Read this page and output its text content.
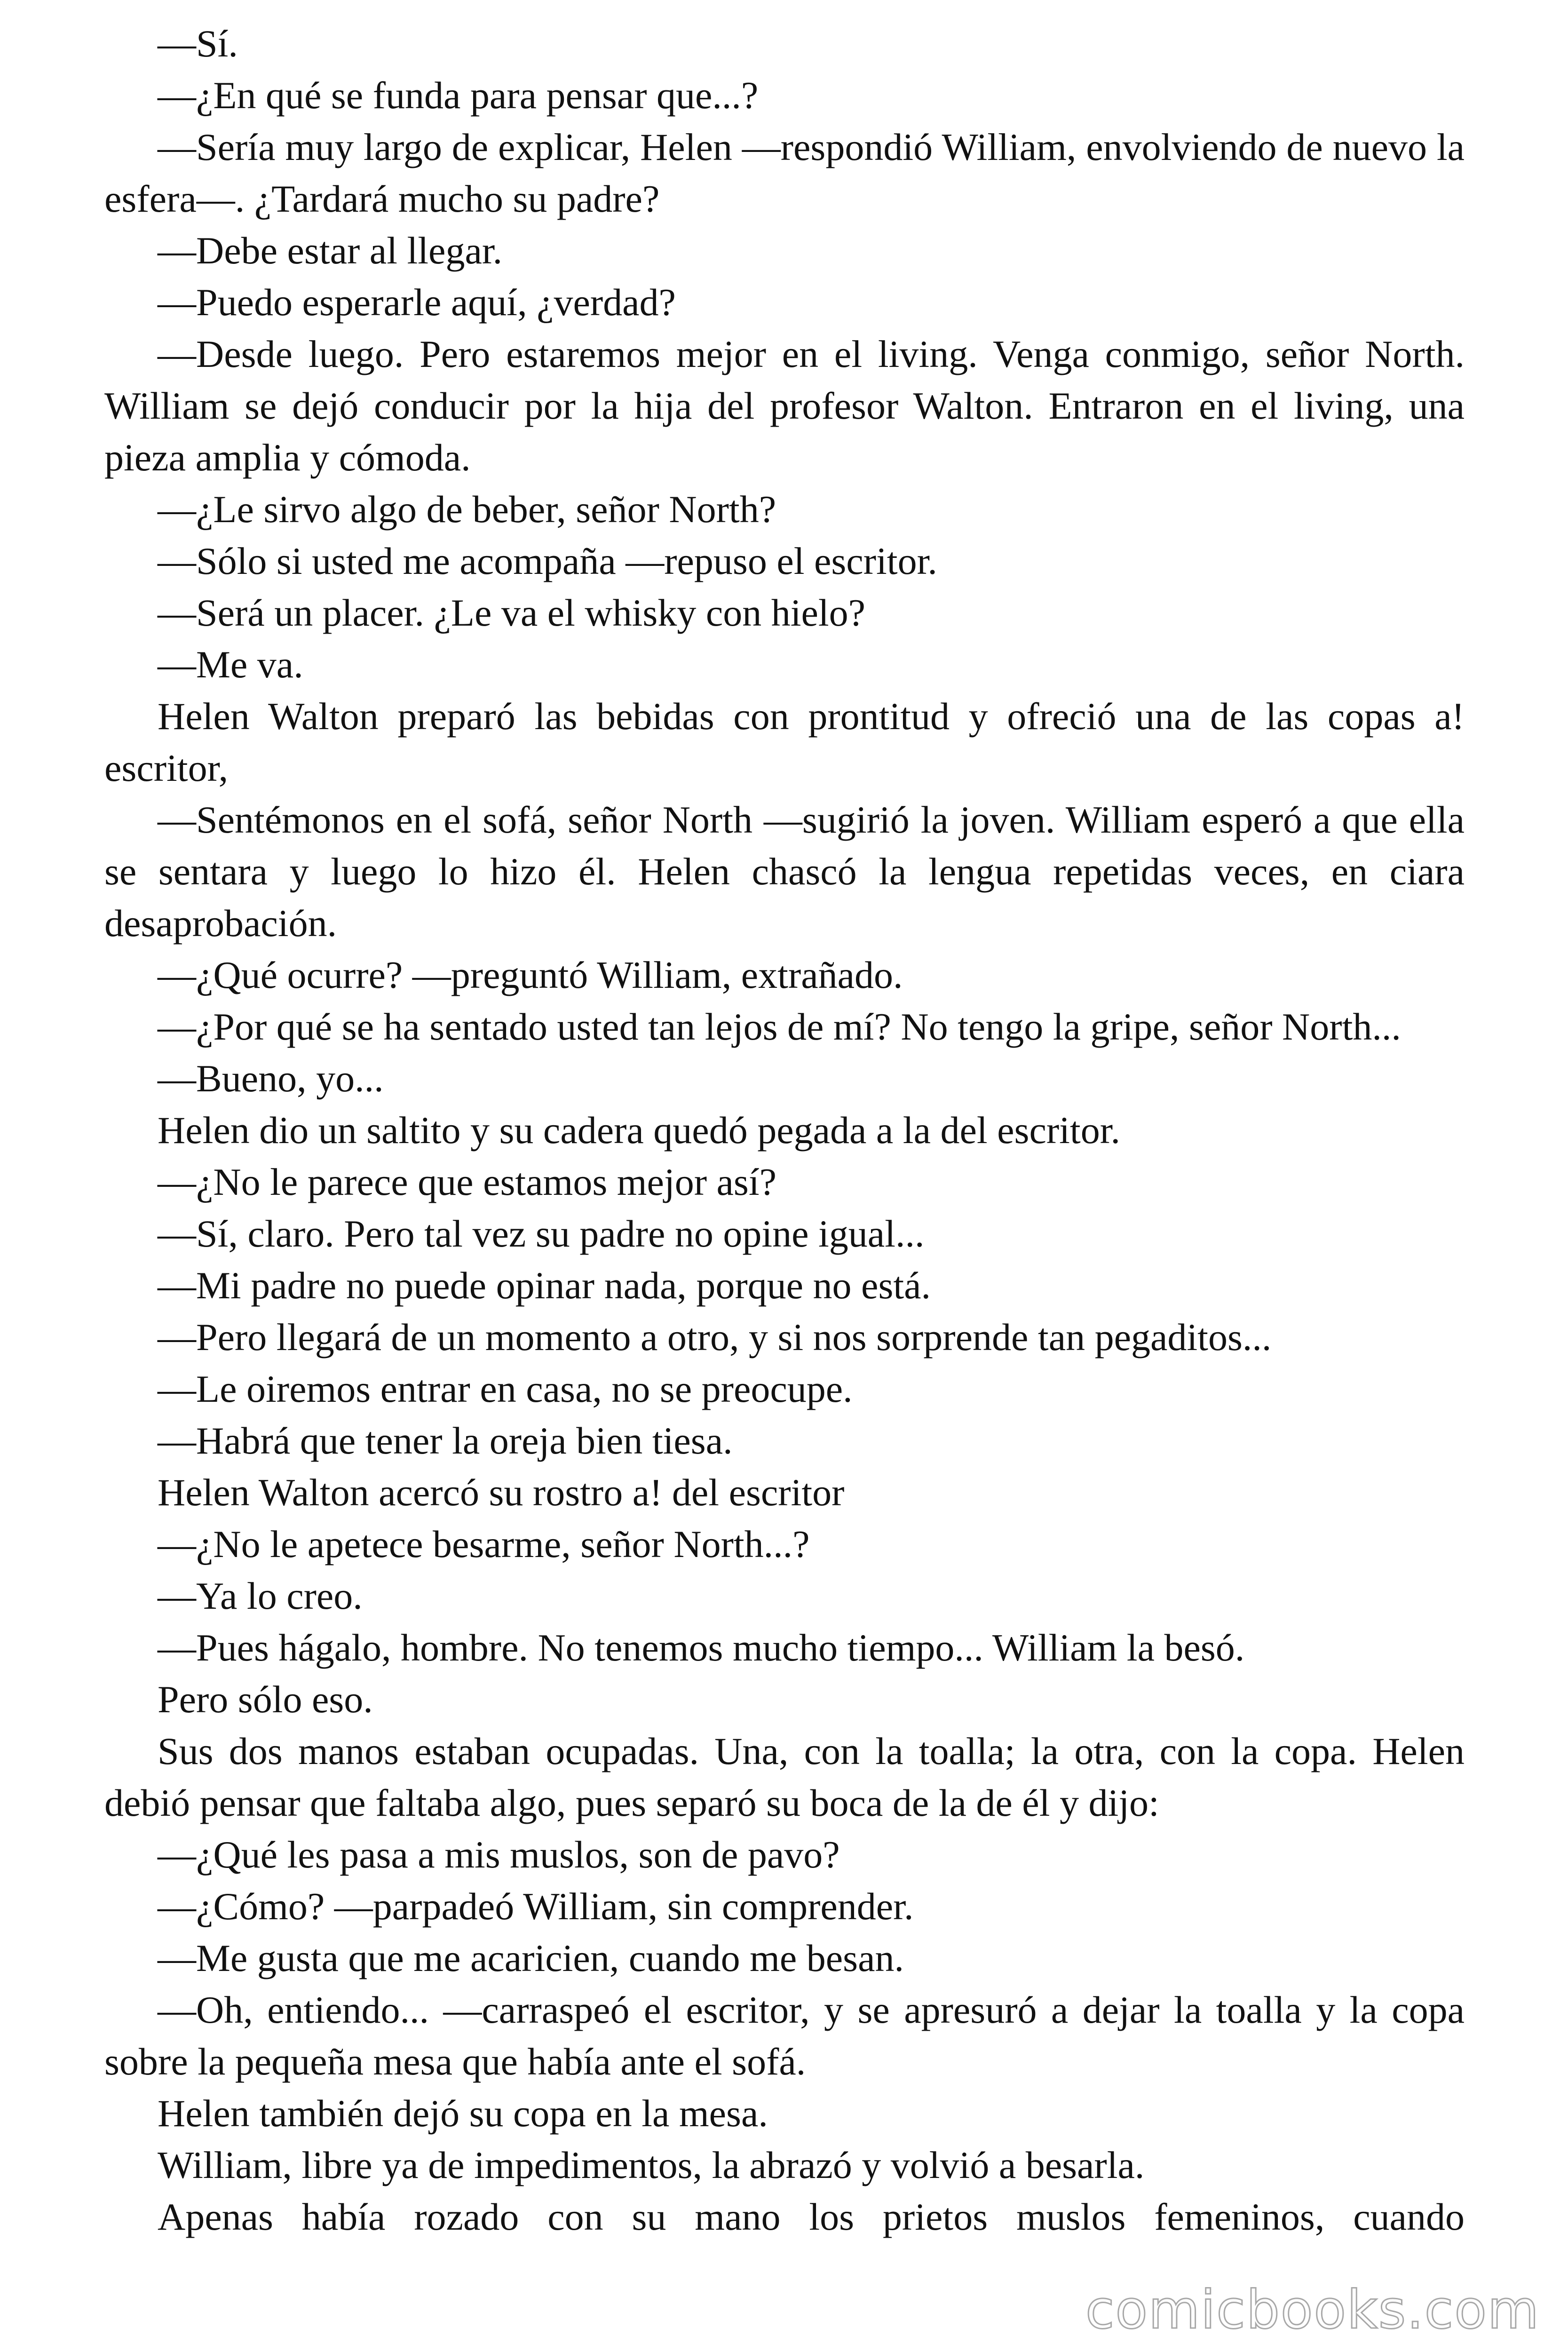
—Sí.

—¿En qué se funda para pensar que...?

—Sería muy largo de explicar, Helen —respondió William, envolviendo de nuevo la esfera—. ¿Tardará mucho su padre?

—Debe estar al llegar.

—Puedo esperarle aquí, ¿verdad?

—Desde luego. Pero estaremos mejor en el living. Venga conmigo, señor North. William se dejó conducir por la hija del profesor Walton. Entraron en el living, una pieza amplia y cómoda.

—¿Le sirvo algo de beber, señor North?

—Sólo si usted me acompaña —repuso el escritor.

—Será un placer. ¿Le va el whisky con hielo?

—Me va.

Helen Walton preparó las bebidas con prontitud y ofreció una de las copas a! escritor,

—Sentémonos en el sofá, señor North —sugirió la joven. William esperó a que ella se sentara y luego lo hizo él. Helen chascó la lengua repetidas veces, en ciara desaprobación.

—¿Qué ocurre? —preguntó William, extrañado.

—¿Por qué se ha sentado usted tan lejos de mí? No tengo la gripe, señor North...

—Bueno, yo...

Helen dio un saltito y su cadera quedó pegada a la del escritor.

—¿No le parece que estamos mejor así?

—Sí, claro. Pero tal vez su padre no opine igual...

—Mi padre no puede opinar nada, porque no está.

—Pero llegará de un momento a otro, y si nos sorprende tan pegaditos...

—Le oiremos entrar en casa, no se preocupe.

—Habrá que tener la oreja bien tiesa.

Helen Walton acercó su rostro a! del escritor

—¿No le apetece besarme, señor North...?

—Ya lo creo.

—Pues hágalo, hombre. No tenemos mucho tiempo... William la besó.

Pero sólo eso.

Sus dos manos estaban ocupadas. Una, con la toalla; la otra, con la copa. Helen debió pensar que faltaba algo, pues separó su boca de la de él y dijo:

—¿Qué les pasa a mis muslos, son de pavo?

—¿Cómo? —parpadeó William, sin comprender.

—Me gusta que me acaricien, cuando me besan.

—Oh, entiendo... —carraspeó el escritor, y se apresuró a dejar la toalla y la copa sobre la pequeña mesa que había ante el sofá.

Helen también dejó su copa en la mesa.

William, libre ya de impedimentos, la abrazó y volvió a besarla.

Apenas había rozado con su mano los prietos muslos femeninos, cuando

comicbooks.com
